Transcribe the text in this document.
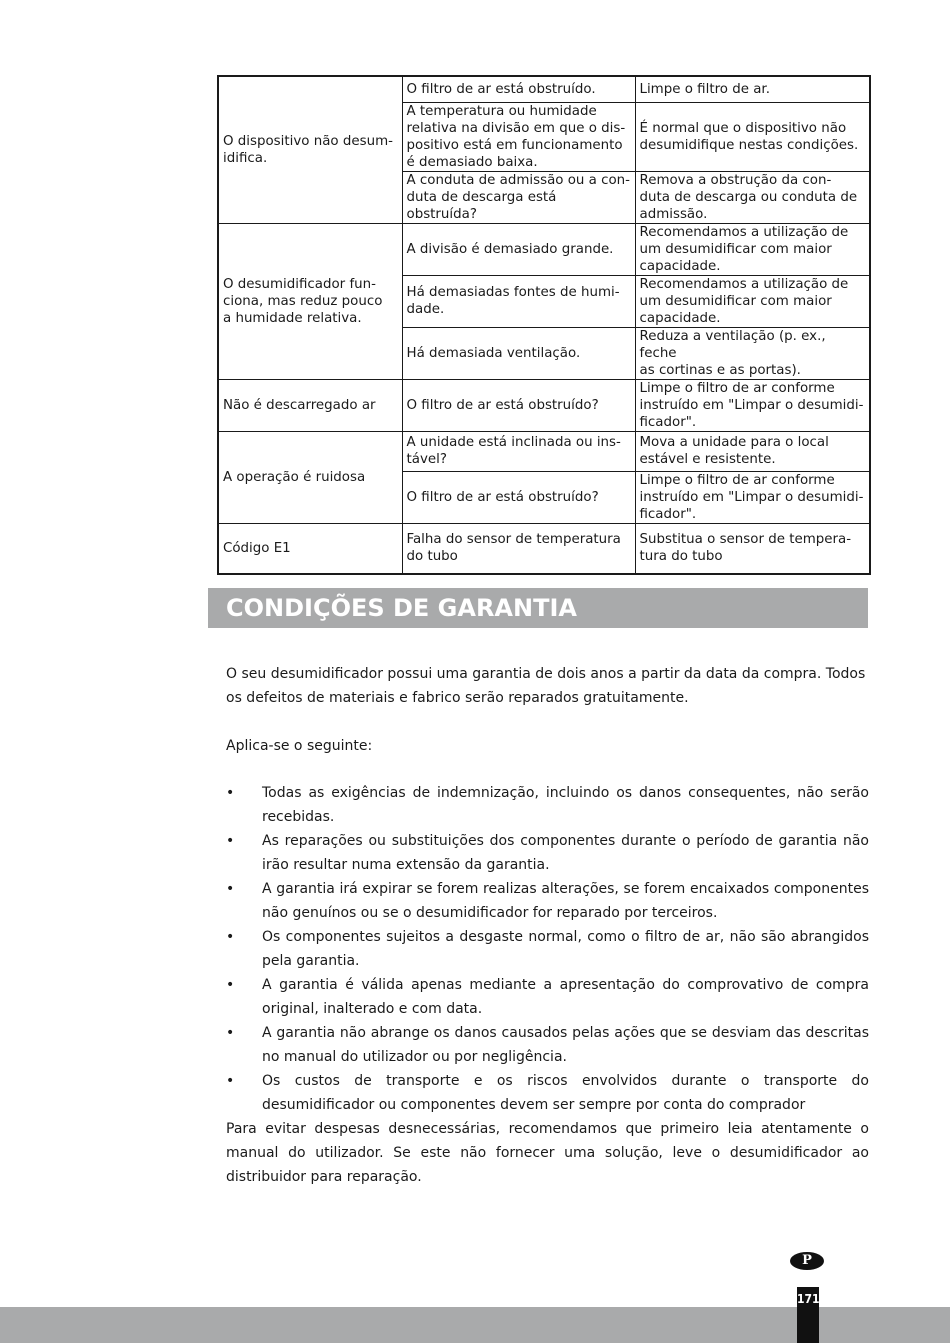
O dispositivo não desum-
idifica.	O filtro de ar está obstruído.	Limpe o filtro de ar.
	A temperatura ou humidade
relativa na divisão em que o dis-
positivo está em funcionamento
é demasiado baixa.	É normal que o dispositivo não
desumidifique nestas condições.
	A conduta de admissão ou a con-
duta de descarga está obstruída?	Remova a obstrução da con-
duta de descarga ou conduta de
admissão.
O desumidificador fun-
ciona, mas reduz pouco
a humidade relativa.	A divisão é demasiado grande.	Recomendamos a utilização de
um desumidificar com maior
capacidade.
	Há demasiadas fontes de humi-
dade.	Recomendamos a utilização de
um desumidificar com maior
capacidade.
	Há demasiada ventilação.	Reduza a ventilação (p. ex., feche
as cortinas e as portas).
Não é descarregado ar	O filtro de ar está obstruído?	Limpe o filtro de ar conforme
instruído em "Limpar o desumidi-
ficador".
A operação é ruidosa	A unidade está inclinada ou ins-
tável?	Mova a unidade para o local
estável e resistente.
	O filtro de ar está obstruído?	Limpe o filtro de ar conforme
instruído em "Limpar o desumidi-
ficador".
Código E1	Falha do sensor de temperatura
do tubo	Substitua o sensor de tempera-
tura do tubo
CONDIÇÕES DE GARANTIA

O seu desumidificador possui uma garantia de dois anos a partir da data da compra. Todos os defeitos de materiais e fabrico serão reparados gratuitamente.

Aplica-se o seguinte:

• Todas as exigências de indemnização, incluindo os danos consequentes, não serão recebidas.
• As reparações ou substituições dos componentes durante o período de garantia não irão resultar numa extensão da garantia.
• A garantia irá expirar se forem realizas alterações, se forem encaixados componentes não genuínos ou se o desumidificador for reparado por terceiros.
• Os componentes sujeitos a desgaste normal, como o filtro de ar, não são abrangidos pela garantia.
• A garantia é válida apenas mediante a apresentação do comprovativo de compra original, inalterado e com data.
• A garantia não abrange os danos causados pelas ações que se desviam das descritas no manual do utilizador ou por negligência.
• Os custos de transporte e os riscos envolvidos durante o transporte do desumidificador ou componentes devem ser sempre por conta do comprador

Para evitar despesas desnecessárias, recomendamos que primeiro leia atentamente o manual do utilizador. Se este não fornecer uma solução, leve o desumidificador ao distribuidor para reparação.

P
171
